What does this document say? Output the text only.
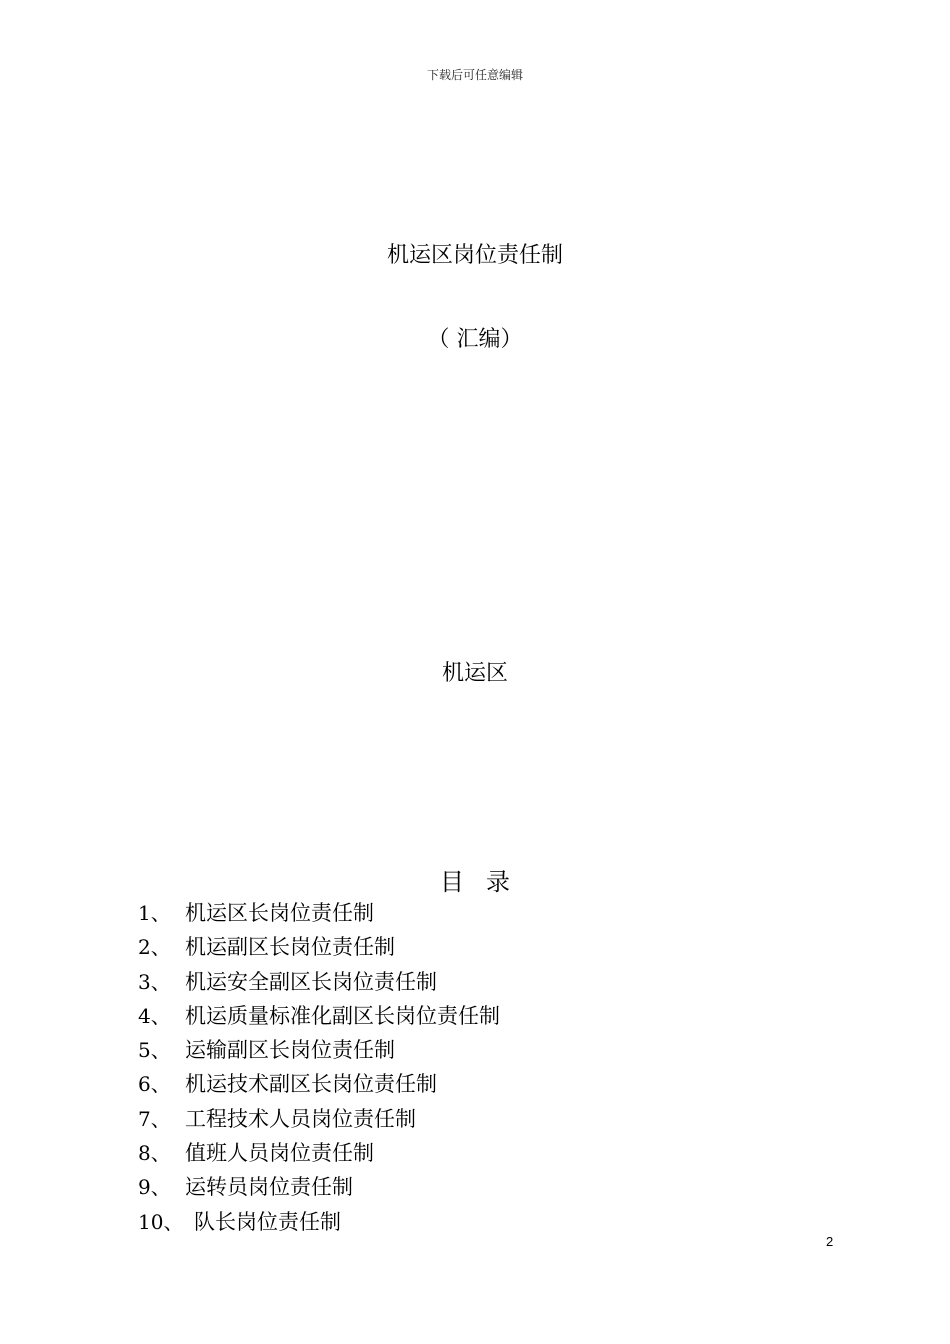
下载后可任意编辑
机运区岗位责任制
（ 汇编）
机运区
目录
1、 机运区长岗位责任制
2、 机运副区长岗位责任制
3、 机运安全副区长岗位责任制
4、 机运质量标准化副区长岗位责任制
5、 运输副区长岗位责任制
6、 机运技术副区长岗位责任制
7、 工程技术人员岗位责任制
8、 值班人员岗位责任制
9、 运转员岗位责任制
10、 队长岗位责任制
2
